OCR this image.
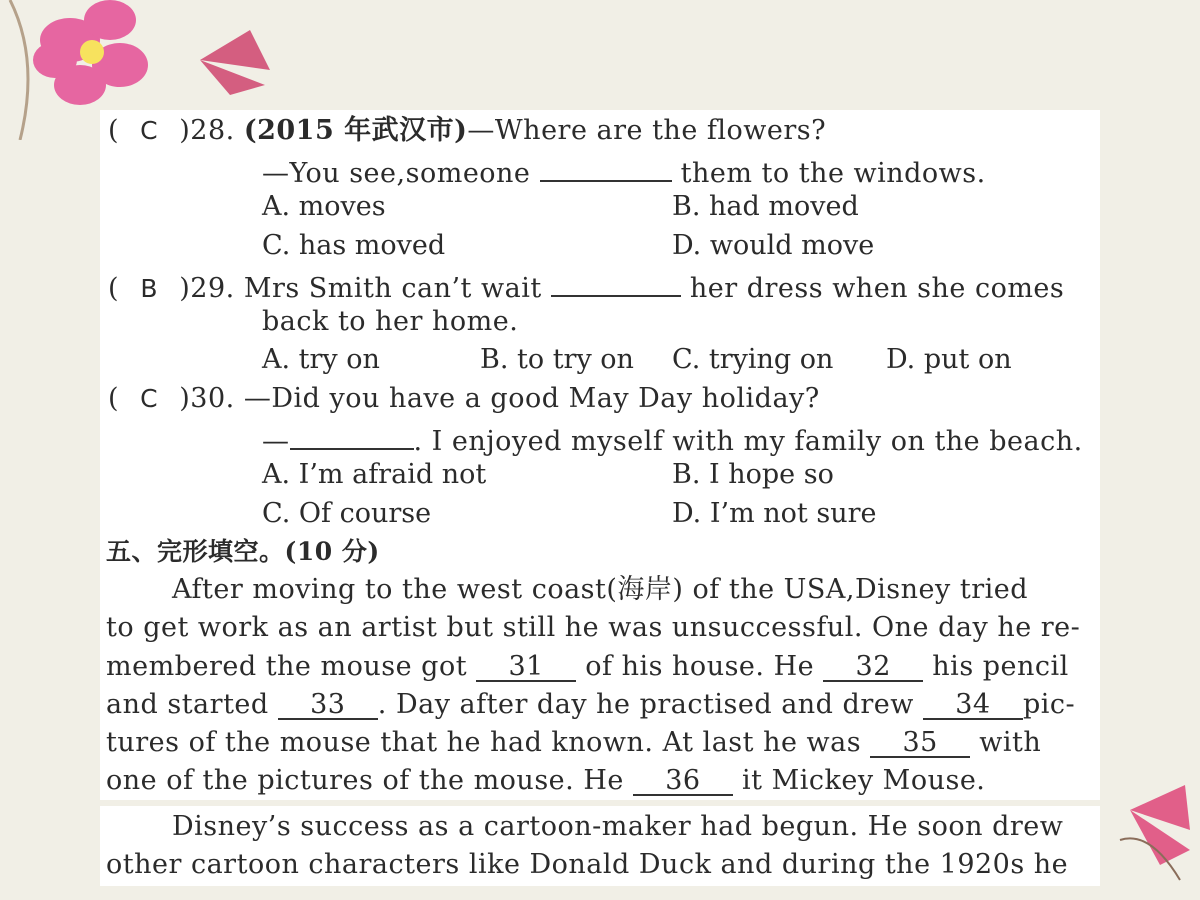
( C )28. (2015 年武汉市)—Where are the flowers?
—You see,someone	them to the windows.
A. moves	B. had moved
C. has moved	D. would move
( B )29. Mrs Smith can’t wait	her dress when she comes
back to her home.
A. try on	B. to try on C. trying on D. put on
( C )30. —Did you have a good May Day holiday?
—	. I enjoyed myself with my family on the beach.
A. I’m afraid not	B. I hope so
C. Of course	D. I’m not sure
五、完形填空。(10 分)
After moving to the west coast(海岸) of the USA,Disney tried
to get work as an artist but still he was unsuccessful. One day he re-
membered the mouse got 31 of his house. He 32 his pencil
and started 33 . Day after day he practised and drew 34 pic-
tures of the mouse that he had known. At last he was 35 with
one of the pictures of the mouse. He 36 it Mickey Mouse.
Disney’s success as a cartoon-maker had begun. He soon drew
other cartoon characters like Donald Duck and during the 1920s he
